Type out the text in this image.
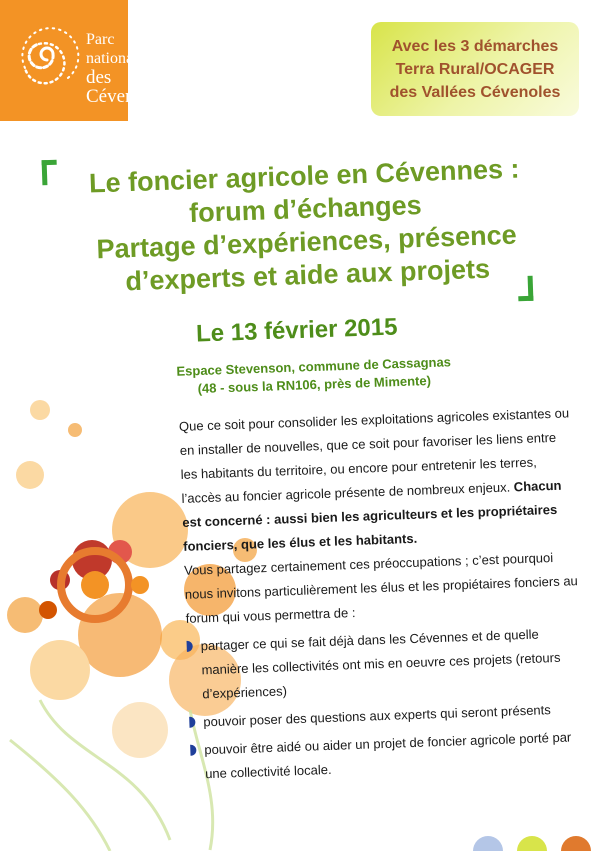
Parc national
des Cévennes
Avec les 3 démarches
Terra Rural/OCAGER
des Vallées Cévenoles
Le foncier agricole en Cévennes :
forum d’échanges
Partage d’expériences, présence
d’experts et aide aux projets
Le 13 février 2015
Espace Stevenson, commune de Cassagnas
(48 - sous la RN106, près de Mimente)

Que ce soit pour consolider les exploitations agricoles existantes ou en installer de nouvelles, que ce soit pour favoriser les liens entre les habitants du territoire, ou encore pour entretenir les terres, l’accès au foncier agricole présente de nombreux enjeux. Chacun est concerné : aussi bien les agriculteurs et les propriétaires fonciers, que les élus et les habitants.

Vous partagez certainement ces préoccupations ; c’est pourquoi nous invitons particulièrement les élus et les propiétaires fonciers au forum qui vous permettra de :

partager ce qui se fait déjà dans les Cévennes et de quelle manière les collectivités ont mis en oeuvre ces projets (retours d’expériences)
pouvoir poser des questions aux experts qui seront présents
pouvoir être aidé ou aider un projet de foncier agricole porté par une collectivité locale.
